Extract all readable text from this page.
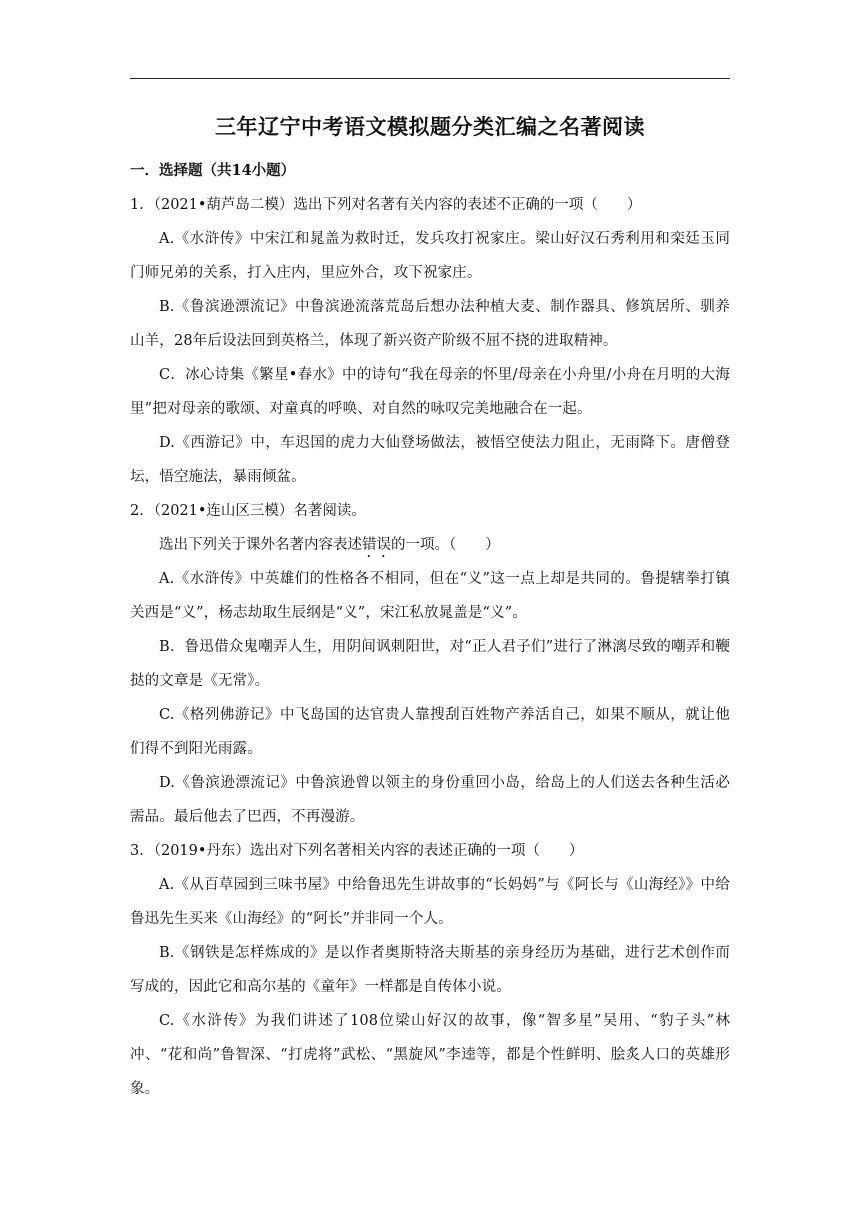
三年辽宁中考语文模拟题分类汇编之名著阅读

一．选择题（共14小题）

1．（2021•葫芦岛二模）选出下列对名著有关内容的表述不正确的一项（　　）

A.《水浒传》中宋江和晁盖为救时迁，发兵攻打祝家庄。梁山好汉石秀利用和栾廷玉同门师兄弟的关系，打入庄内，里应外合，攻下祝家庄。

B.《鲁滨逊漂流记》中鲁滨逊流落荒岛后想办法种植大麦、制作器具、修筑居所、驯养山羊，28年后设法回到英格兰，体现了新兴资产阶级不屈不挠的进取精神。

C．冰心诗集《繁星•春水》中的诗句“我在母亲的怀里/母亲在小舟里/小舟在月明的大海里”把对母亲的歌颂、对童真的呼唤、对自然的咏叹完美地融合在一起。

D.《西游记》中，车迟国的虎力大仙登场做法，被悟空使法力阻止，无雨降下。唐僧登坛，悟空施法，暴雨倾盆。

2．（2021•连山区三模）名著阅读。

选出下列关于课外名著内容表述错误的一项。（　　）

A.《水浒传》中英雄们的性格各不相同，但在“义”这一点上却是共同的。鲁提辖拳打镇关西是“义”，杨志劫取生辰纲是“义”，宋江私放晁盖是“义”。

B．鲁迅借众鬼嘲弄人生，用阴间讽刺阳世，对“正人君子们”进行了淋漓尽致的嘲弄和鞭挞的文章是《无常》。

C.《格列佛游记》中飞岛国的达官贵人靠搜刮百姓物产养活自己，如果不顺从，就让他们得不到阳光雨露。

D.《鲁滨逊漂流记》中鲁滨逊曾以领主的身份重回小岛，给岛上的人们送去各种生活必需品。最后他去了巴西，不再漫游。

3．（2019•丹东）选出对下列名著相关内容的表述正确的一项（　　）

A.《从百草园到三味书屋》中给鲁迅先生讲故事的“长妈妈”与《阿长与《山海经》》中给鲁迅先生买来《山海经》的“阿长”并非同一个人。

B.《钢铁是怎样炼成的》是以作者奥斯特洛夫斯基的亲身经历为基础，进行艺术创作而写成的，因此它和高尔基的《童年》一样都是自传体小说。

C.《水浒传》为我们讲述了108位梁山好汉的故事，像“智多星”吴用、“豹子头”林冲、“花和尚”鲁智深、“打虎将”武松、“黑旋风”李逵等，都是个性鲜明、脍炙人口的英雄形象。
